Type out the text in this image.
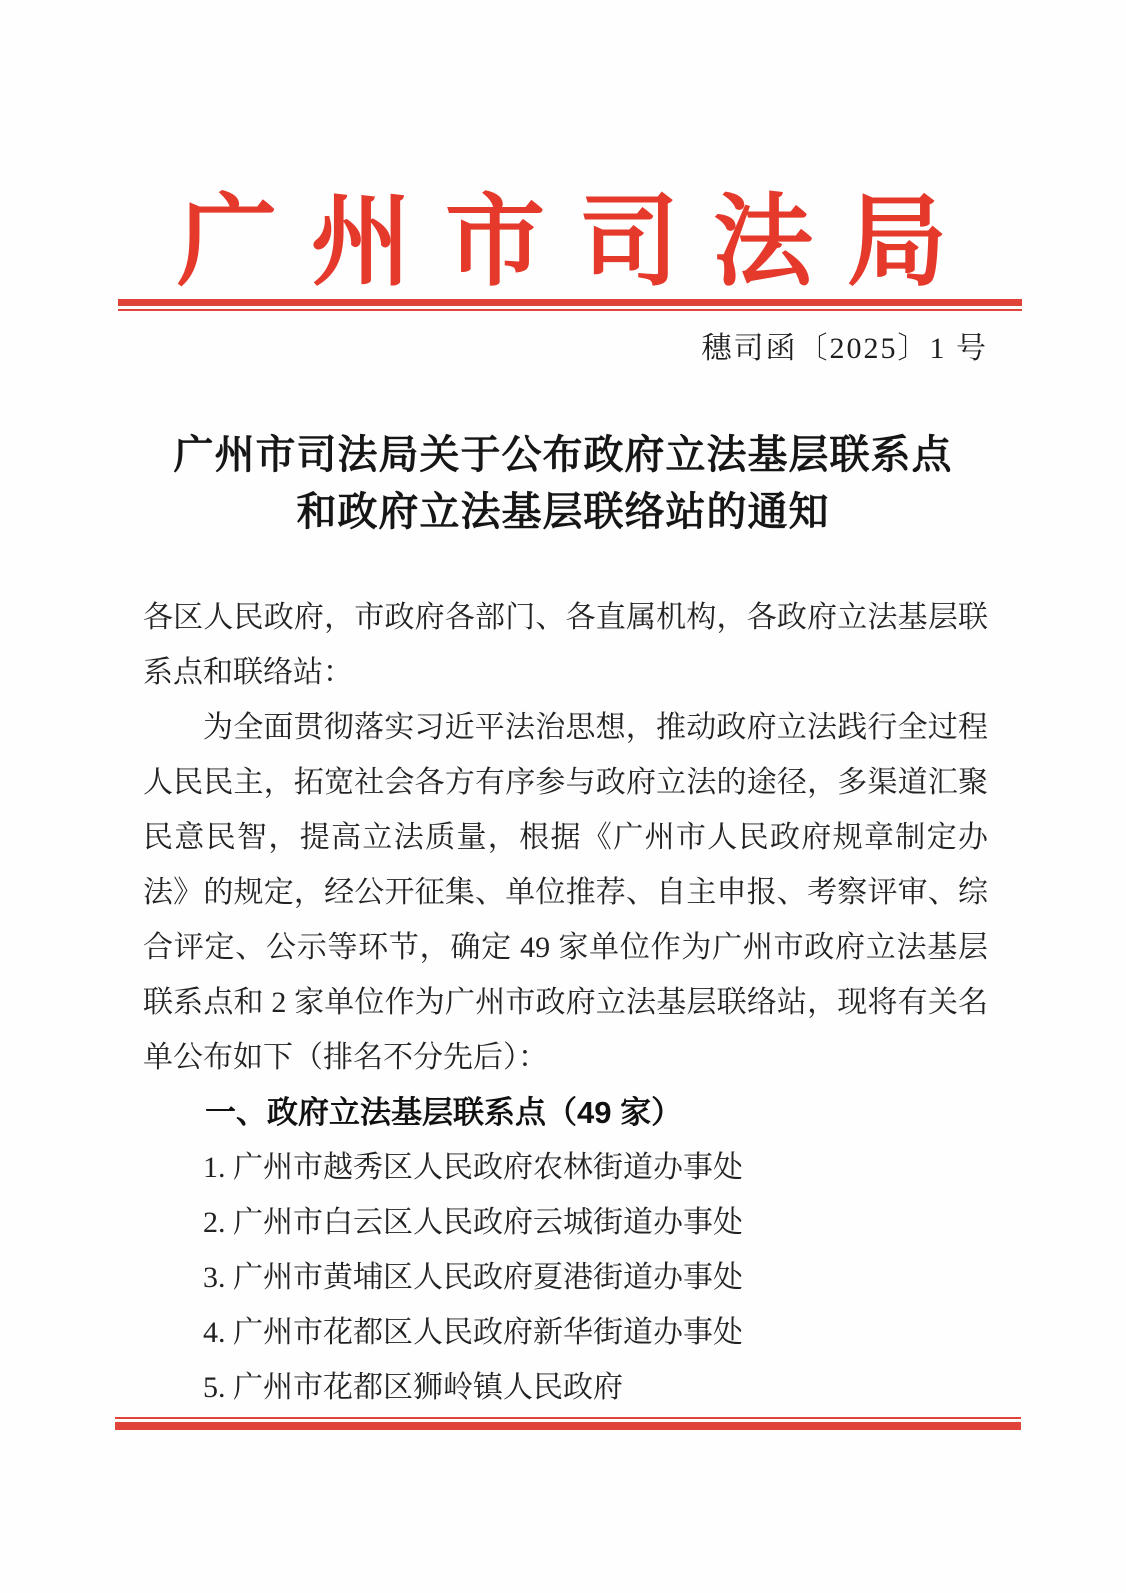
广 州 市 司 法 局
穗司函〔2025〕1 号
广州市司法局关于公布政府立法基层联系点
和政府立法基层联络站的通知

各区人民政府，市政府各部门、各直属机构，各政府立法基层联系点和联络站：

为全面贯彻落实习近平法治思想，推动政府立法践行全过程人民民主，拓宽社会各方有序参与政府立法的途径，多渠道汇聚民意民智，提高立法质量，根据《广州市人民政府规章制定办法》的规定，经公开征集、单位推荐、自主申报、考察评审、综合评定、公示等环节，确定 49 家单位作为广州市政府立法基层联系点和 2 家单位作为广州市政府立法基层联络站，现将有关名单公布如下（排名不分先后）：

一、政府立法基层联系点（49 家）

1. 广州市越秀区人民政府农林街道办事处

2. 广州市白云区人民政府云城街道办事处

3. 广州市黄埔区人民政府夏港街道办事处

4. 广州市花都区人民政府新华街道办事处

5. 广州市花都区狮岭镇人民政府
